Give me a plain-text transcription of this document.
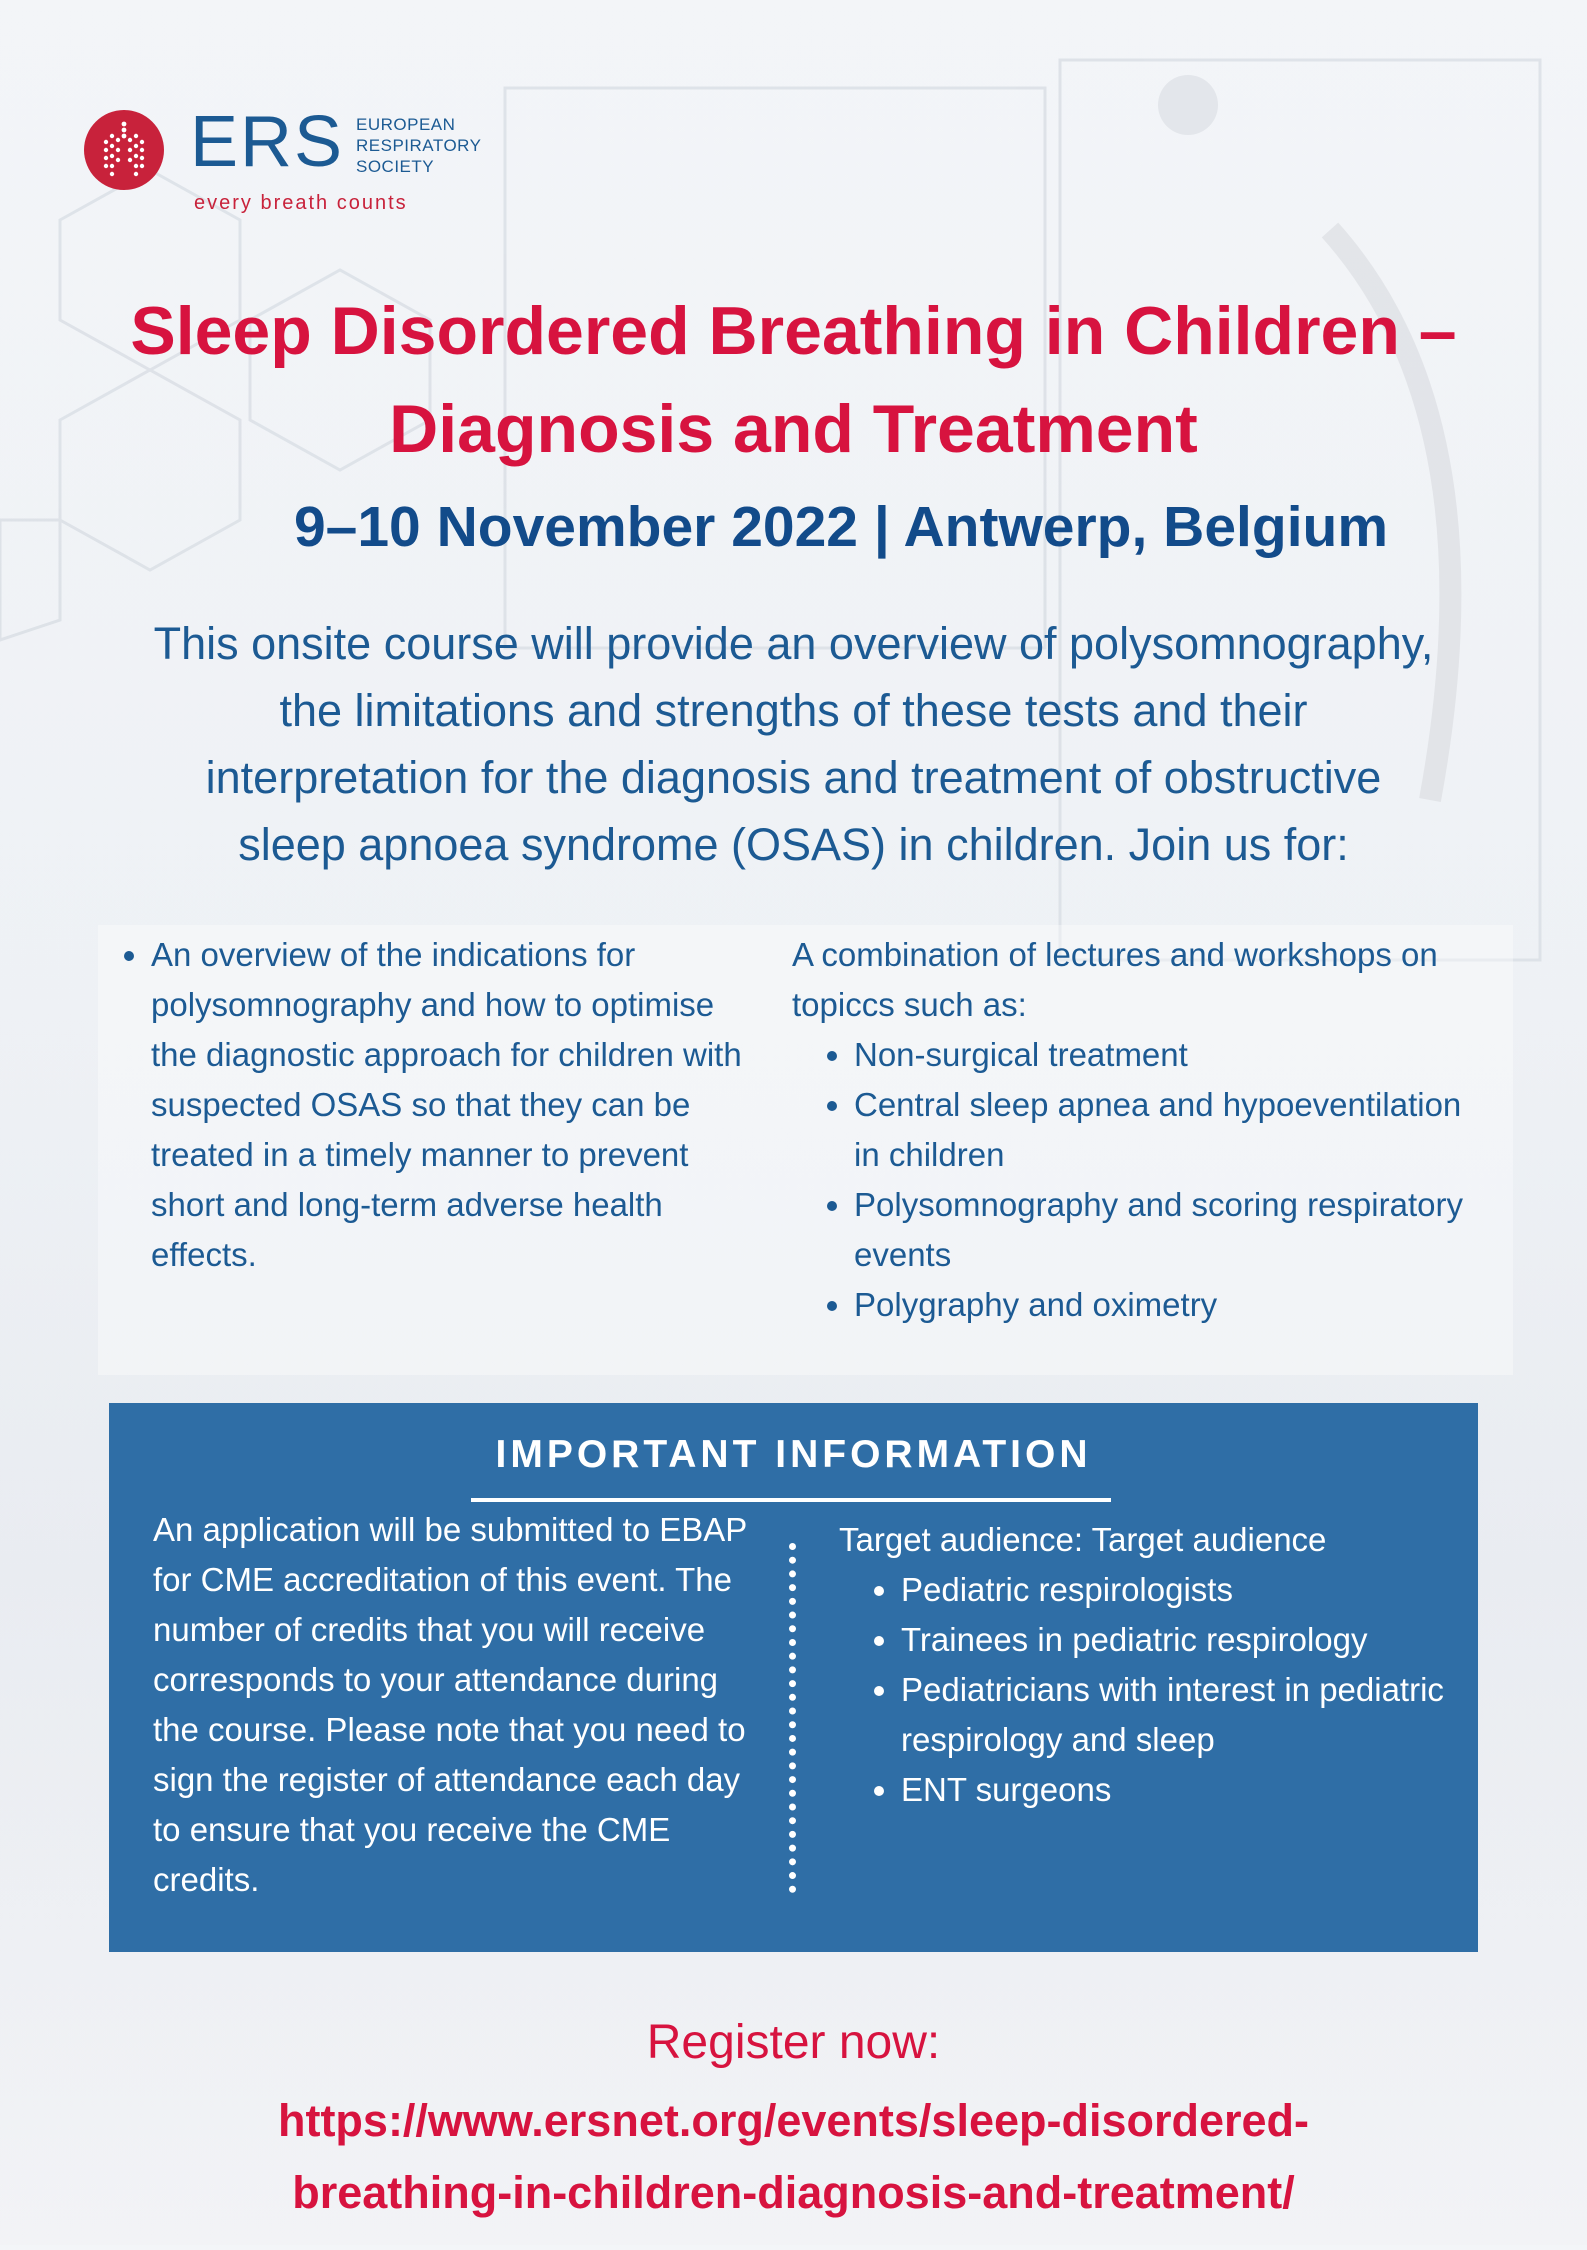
ERS EUROPEAN
RESPIRATORY
SOCIETY
every breath counts
Sleep Disordered Breathing in Children –
Diagnosis and Treatment
9–10 November 2022 | Antwerp, Belgium
This onsite course will provide an overview of polysomnography,
the limitations and strengths of these tests and their
interpretation for the diagnosis and treatment of obstructive
sleep apnoea syndrome (OSAS) in children. Join us for:
• An overview of the indications for polysomnography and how to optimise the diagnostic approach for children with suspected OSAS so that they can be treated in a timely manner to prevent short and long-term adverse health effects.
A combination of lectures and workshops on topiccs such as:
• Non-surgical treatment
• Central sleep apnea and hypoeventilation in children
• Polysomnography and scoring respiratory events
• Polygraphy and oximetry
IMPORTANT INFORMATION
An application will be submitted to EBAP for CME accreditation of this event. The number of credits that you will receive corresponds to your attendance during the course. Please note that you need to sign the register of attendance each day to ensure that you receive the CME credits.
Target audience: Target audience
• Pediatric respirologists
• Trainees in pediatric respirology
• Pediatricians with interest in pediatric respirology and sleep
• ENT surgeons
Register now:
https://www.ersnet.org/events/sleep-disordered-
breathing-in-children-diagnosis-and-treatment/
